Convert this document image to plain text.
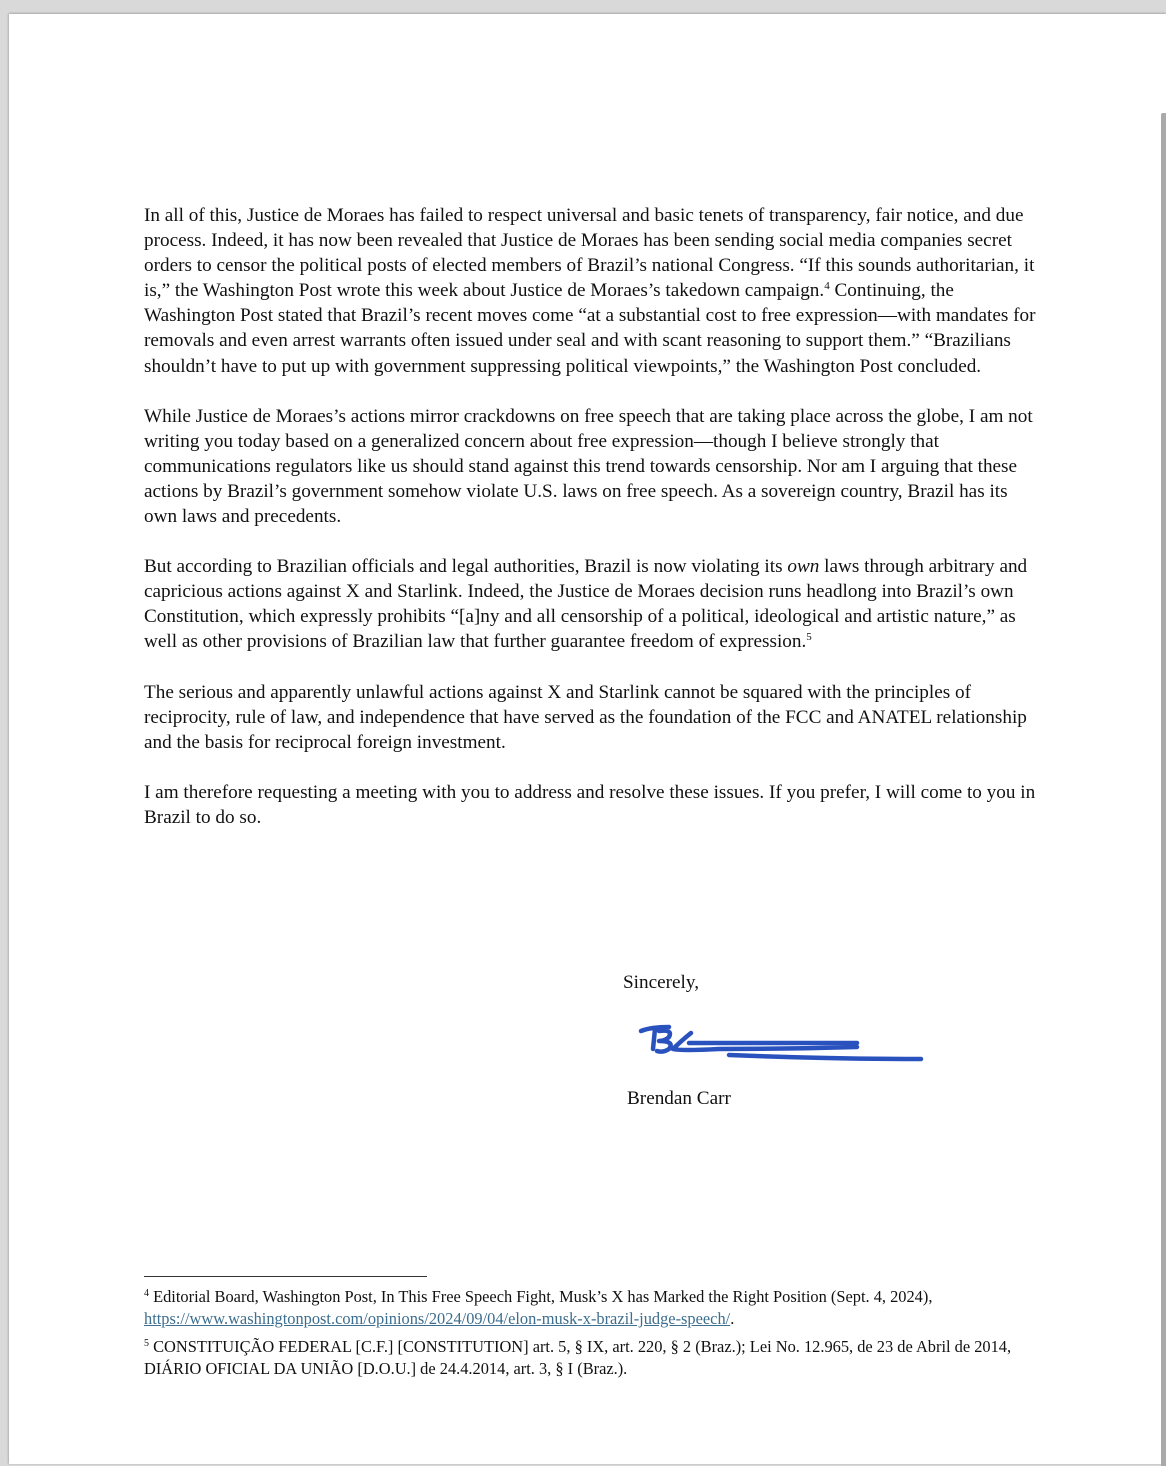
In all of this, Justice de Moraes has failed to respect universal and basic tenets of transparency, fair notice, and due process. Indeed, it has now been revealed that Justice de Moraes has been sending social media companies secret orders to censor the political posts of elected members of Brazil’s national Congress. “If this sounds authoritarian, it is,” the Washington Post wrote this week about Justice de Moraes’s takedown campaign.$^4$ Continuing, the Washington Post stated that Brazil’s recent moves come “at a substantial cost to free expression—with mandates for removals and even arrest warrants often issued under seal and with scant reasoning to support them.” “Brazilians shouldn’t have to put up with government suppressing political viewpoints,” the Washington Post concluded.

While Justice de Moraes’s actions mirror crackdowns on free speech that are taking place across the globe, I am not writing you today based on a generalized concern about free expression—though I believe strongly that communications regulators like us should stand against this trend towards censorship. Nor am I arguing that these actions by Brazil’s government somehow violate U.S. laws on free speech. As a sovereign country, Brazil has its own laws and precedents.

But according to Brazilian officials and legal authorities, Brazil is now violating its own laws through arbitrary and capricious actions against X and Starlink. Indeed, the Justice de Moraes decision runs headlong into Brazil’s own Constitution, which expressly prohibits “[a]ny and all censorship of a political, ideological and artistic nature,” as well as other provisions of Brazilian law that further guarantee freedom of expression.$^5$

The serious and apparently unlawful actions against X and Starlink cannot be squared with the principles of reciprocity, rule of law, and independence that have served as the foundation of the FCC and ANATEL relationship and the basis for reciprocal foreign investment.

I am therefore requesting a meeting with you to address and resolve these issues. If you prefer, I will come to you in Brazil to do so.

Sincerely,
Brendan Carr

$^4$ Editorial Board, Washington Post, In This Free Speech Fight, Musk’s X has Marked the Right Position (Sept. 4, 2024), https://www.washingtonpost.com/opinions/2024/09/04/elon-musk-x-brazil-judge-speech/.

$^5$ CONSTITUIÇÃO FEDERAL [C.F.] [CONSTITUTION] art. 5, § IX, art. 220, § 2 (Braz.); Lei No. 12.965, de 23 de Abril de 2014, DIÁRIO OFICIAL DA UNIÃO [D.O.U.] de 24.4.2014, art. 3, § I (Braz.).
